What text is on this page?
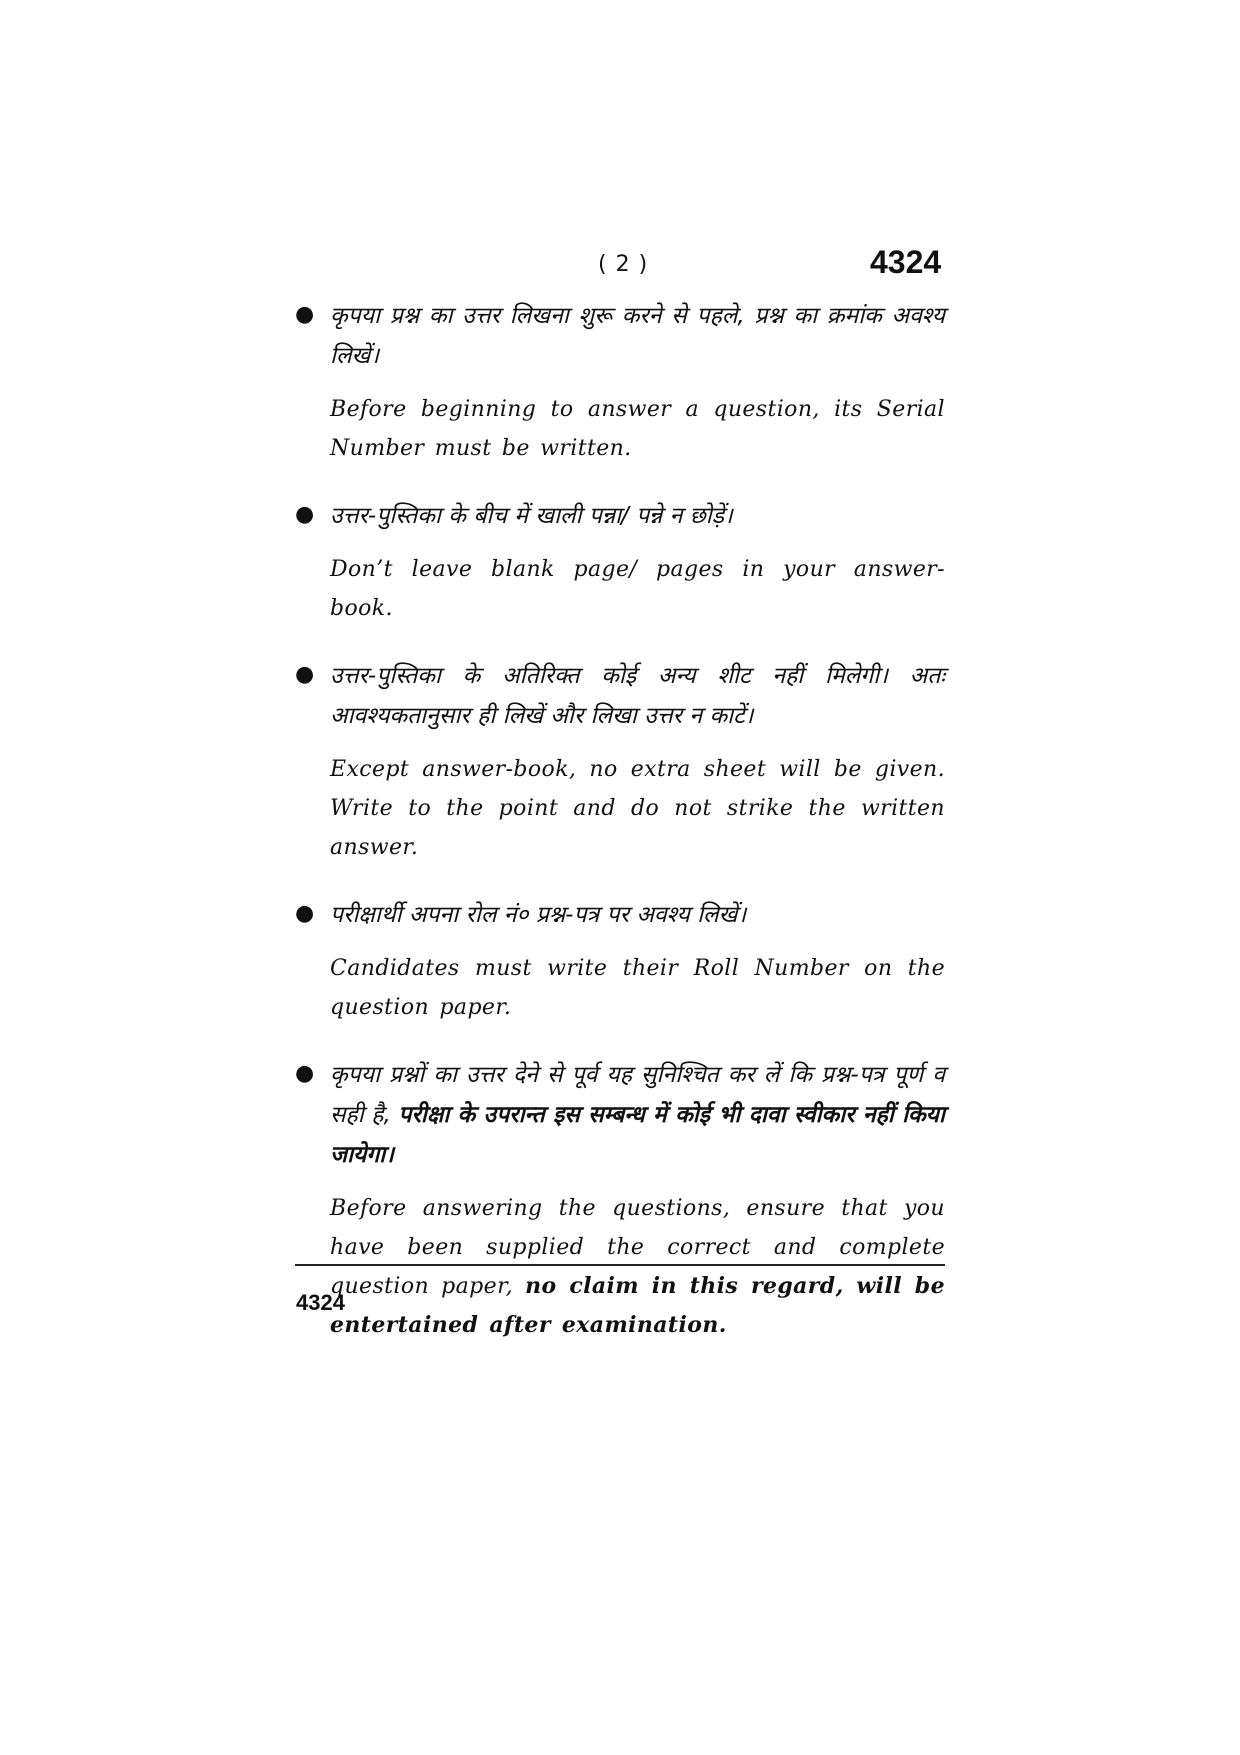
( 2 )	4324
● कृपया प्रश्न का उत्तर लिखना शुरू करने से पहले, प्रश्न का क्रमांक अवश्य लिखें।
Before beginning to answer a question, its Serial Number must be written.
● उत्तर-पुस्तिका के बीच में खाली पन्ना/ पन्ने न छोड़ें।
Don’t leave blank page/ pages in your answer-book.
● उत्तर-पुस्तिका के अतिरिक्त कोई अन्य शीट नहीं मिलेगी। अतः आवश्यकतानुसार ही लिखें और लिखा उत्तर न काटें।
Except answer-book, no extra sheet will be given. Write to the point and do not strike the written answer.
● परीक्षार्थी अपना रोल नं० प्रश्न-पत्र पर अवश्य लिखें।
Candidates must write their Roll Number on the question paper.
● कृपया प्रश्नों का उत्तर देने से पूर्व यह सुनिश्चित कर लें कि प्रश्न-पत्र पूर्ण व सही है, परीक्षा के उपरान्त इस सम्बन्ध में कोई भी दावा स्वीकार नहीं किया जायेगा।
Before answering the questions, ensure that you have been supplied the correct and complete question paper, no claim in this regard, will be entertained after examination.
4324
